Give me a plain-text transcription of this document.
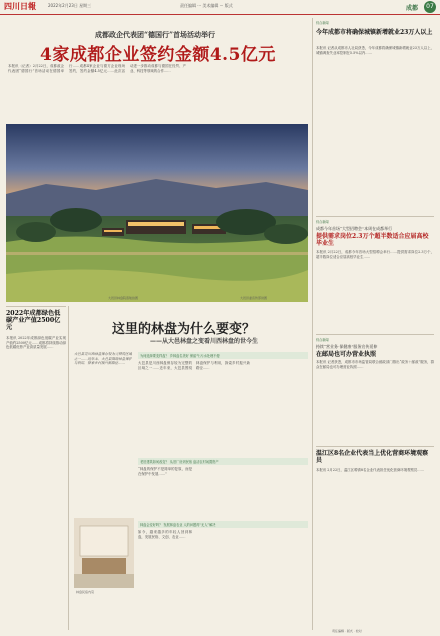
四川日報	2022年2月23日 星期三	责任编辑 ··· 美术编辑 ··· 版式	成都	07
成都政企代表团“德国行”首场活动举行
4家成都企业签约金额4.5亿元
本报讯（记者）2月22日，成都政企代表团“德国行”首场活动在德国举行……成都4家企业与德方企业现场签约，签约金额4.5亿元……此次活动进一步推动成都与德国在经贸、产业、科技等领域的合作……
大邑县林盘院落航拍图	大邑县委宣传部供图
2022年成都绿色低碳产业产值2500亿元
本报讯 2022年成都绿色低碳产业实现产值约2500亿元……成都将持续推动绿色低碳优势产业高质量发展……
这里的林盘为什么要变？
——从大邑林盘之变看川西林盘的世今生
大邑县是川西林盘保存较为完整的区域之一……近年来，大邑县围绕林盘保护与利用，探索乡村振兴新路径……
为何选择要变样盘？ 乡林盘名美好 保留气·污水处理不便
大邑县是川西林盘保存较为完整的区域之一……近年来，大邑县围绕林盘保护与利用，探索乡村振兴新路径……
老旧建筑如何改变？ 从旧厂房到民宿 盘活农村闲置资产
“林盘的保护不是简单的复原，而是在保护中发展……”
林盘民宿内景
林盘会变好吗？ 发展林盘农业 人的问题再“无人”解决
如今，越来越多的年轻人回到林盘，发展民宿、文创、农业……
综合新闻
今年成都市将确保城镇新增就业23万人以上
本报讯 记者从成都市人社局获悉，今年成都将确保城镇新增就业23万人以上，城镇调查失业率控制在5.5%以内……
综合新闻
成都今年首场“大型招聘会”本周在成都举行
提供需求岗位2.3万个超半数适合应届高校毕业生
本报讯 2月22日，成都今年首场大型招聘会举行……提供需求岗位2.3万个，超半数岗位适合应届高校毕业生……
综合新闻
持续“营业务·保健康”服务宣传延伸
在邮局也可办营业执照
本报讯 记者获悉，成都市市场监管局联合邮政部门推出“政务＋邮政”服务，群众在邮局也可办理营业执照……
温江区8名企业代表当上优化营商环境观察员
本报讯 2月22日，温江区聘请8名企业代表担任优化营商环境观察员……
责任编辑 · 版式 · 校对
